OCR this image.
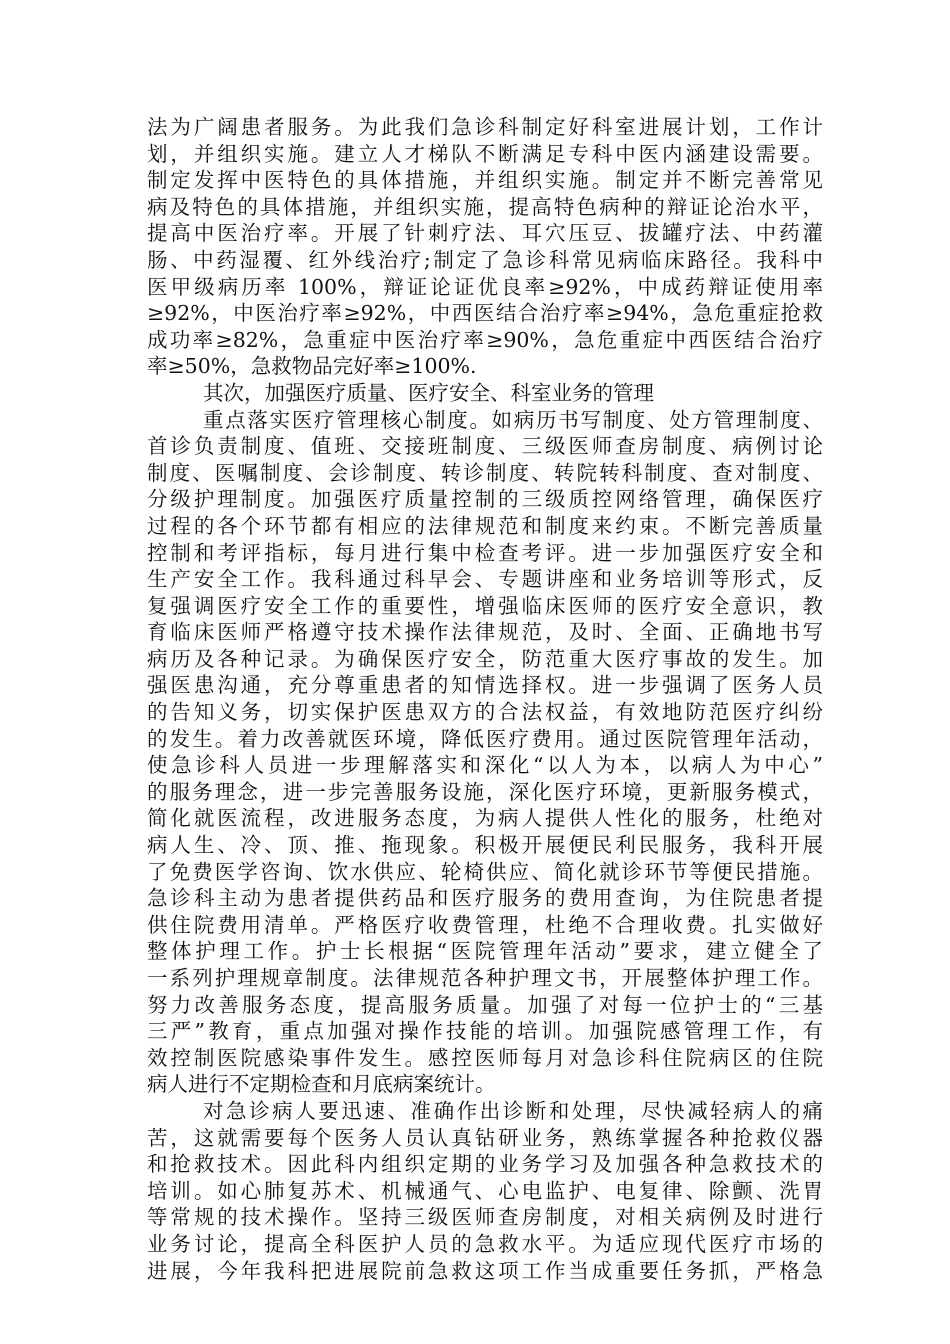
法为广阔患者服务。为此我们急诊科制定好科室进展计划，工作计
划，并组织实施。建立人才梯队不断满足专科中医内涵建设需要。
制定发挥中医特色的具体措施，并组织实施。制定并不断完善常见
病及特色的具体措施，并组织实施，提高特色病种的辩证论治水平，
提高中医治疗率。开展了针刺疗法、耳穴压豆、拔罐疗法、中药灌
肠、中药湿覆、红外线治疗;制定了急诊科常见病临床路径。我科中
医甲级病历率 100%，辩证论证优良率≥92%，中成药辩证使用率
≥92%，中医治疗率≥92%，中西医结合治疗率≥94%，急危重症抢救
成功率≥82%，急重症中医治疗率≥90%，急危重症中西医结合治疗
率≥50%，急救物品完好率≥100%.
其次，加强医疗质量、医疗安全、科室业务的管理
重点落实医疗管理核心制度。如病历书写制度、处方管理制度、
首诊负责制度、值班、交接班制度、三级医师查房制度、病例讨论
制度、医嘱制度、会诊制度、转诊制度、转院转科制度、查对制度、
分级护理制度。加强医疗质量控制的三级质控网络管理，确保医疗
过程的各个环节都有相应的法律规范和制度来约束。不断完善质量
控制和考评指标，每月进行集中检查考评。进一步加强医疗安全和
生产安全工作。我科通过科早会、专题讲座和业务培训等形式，反
复强调医疗安全工作的重要性，增强临床医师的医疗安全意识，教
育临床医师严格遵守技术操作法律规范，及时、全面、正确地书写
病历及各种记录。为确保医疗安全，防范重大医疗事故的发生。加
强医患沟通，充分尊重患者的知情选择权。进一步强调了医务人员
的告知义务，切实保护医患双方的合法权益，有效地防范医疗纠纷
的发生。着力改善就医环境，降低医疗费用。通过医院管理年活动，
使急诊科人员进一步理解落实和深化“以人为本，以病人为中心”
的服务理念，进一步完善服务设施，深化医疗环境，更新服务模式，
简化就医流程，改进服务态度，为病人提供人性化的服务，杜绝对
病人生、冷、顶、推、拖现象。积极开展便民利民服务，我科开展
了免费医学咨询、饮水供应、轮椅供应、简化就诊环节等便民措施。
急诊科主动为患者提供药品和医疗服务的费用查询，为住院患者提
供住院费用清单。严格医疗收费管理，杜绝不合理收费。扎实做好
整体护理工作。护士长根据“医院管理年活动”要求，建立健全了
一系列护理规章制度。法律规范各种护理文书，开展整体护理工作。
努力改善服务态度，提高服务质量。加强了对每一位护士的“三基
三严”教育，重点加强对操作技能的培训。加强院感管理工作，有
效控制医院感染事件发生。感控医师每月对急诊科住院病区的住院
病人进行不定期检查和月底病案统计。
对急诊病人要迅速、准确作出诊断和处理，尽快减轻病人的痛
苦，这就需要每个医务人员认真钻研业务，熟练掌握各种抢救仪器
和抢救技术。因此科内组织定期的业务学习及加强各种急救技术的
培训。如心肺复苏术、机械通气、心电监护、电复律、除颤、洗胃
等常规的技术操作。坚持三级医师查房制度，对相关病例及时进行
业务讨论，提高全科医护人员的急救水平。为适应现代医疗市场的
进展，今年我科把进展院前急救这项工作当成重要任务抓，严格急
